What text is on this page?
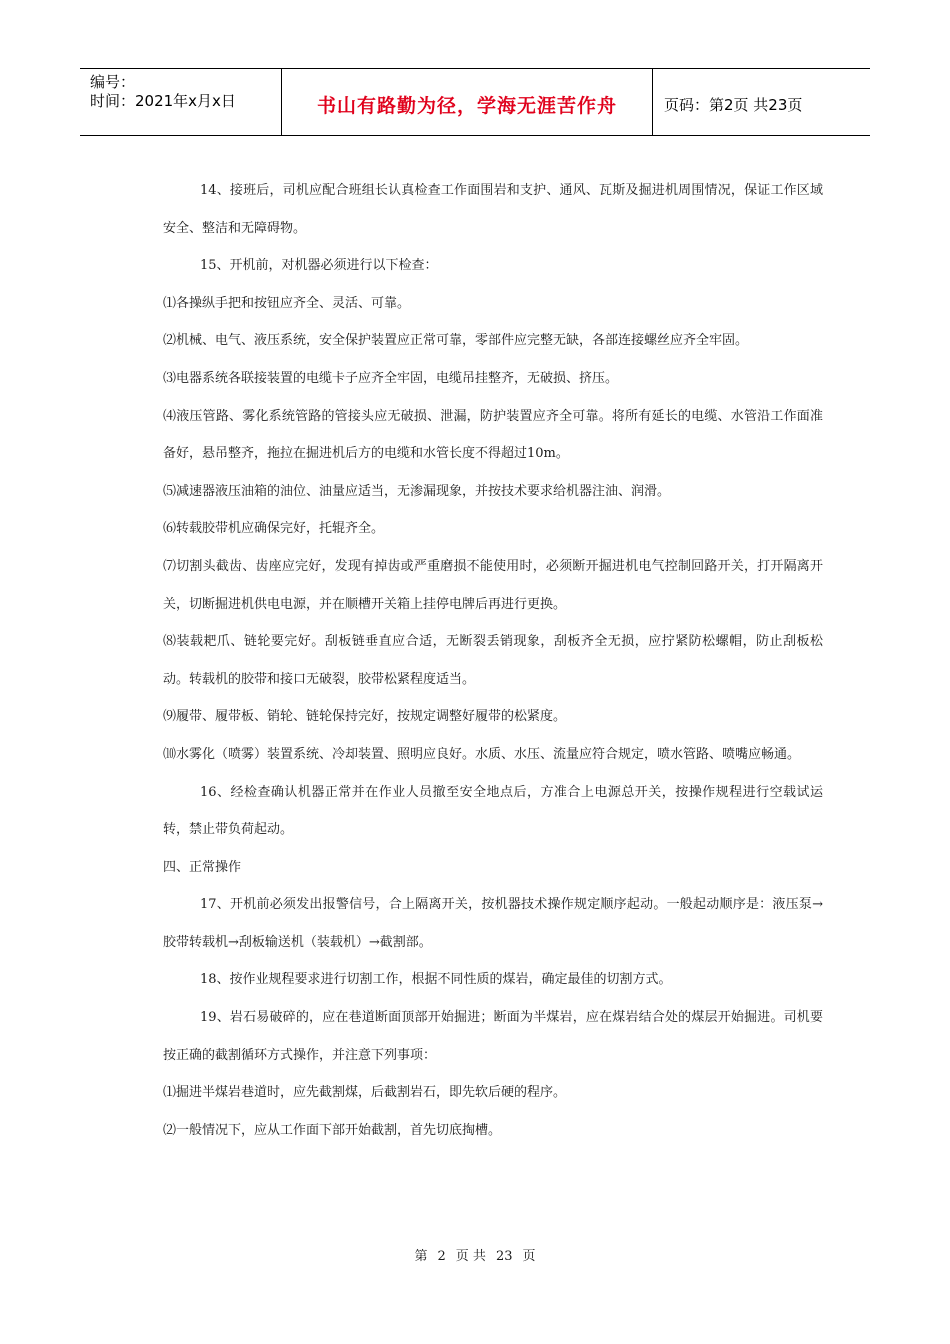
编号：
时间：2021年x月x日	书山有路勤为径，学海无涯苦作舟	页码：第2页 共23页

14、接班后，司机应配合班组长认真检查工作面围岩和支护、通风、瓦斯及掘进机周围情况，保证工作区域安全、整洁和无障碍物。

15、开机前，对机器必须进行以下检查：

⑴各操纵手把和按钮应齐全、灵活、可靠。

⑵机械、电气、液压系统，安全保护装置应正常可靠，零部件应完整无缺，各部连接螺丝应齐全牢固。

⑶电器系统各联接装置的电缆卡子应齐全牢固，电缆吊挂整齐，无破损、挤压。

⑷液压管路、雾化系统管路的管接头应无破损、泄漏，防护装置应齐全可靠。将所有延长的电缆、水管沿工作面准备好，悬吊整齐，拖拉在掘进机后方的电缆和水管长度不得超过10m。

⑸减速器液压油箱的油位、油量应适当，无渗漏现象，并按技术要求给机器注油、润滑。

⑹转载胶带机应确保完好，托辊齐全。

⑺切割头截齿、齿座应完好，发现有掉齿或严重磨损不能使用时，必须断开掘进机电气控制回路开关，打开隔离开关，切断掘进机供电电源，并在顺槽开关箱上挂停电牌后再进行更换。

⑻装载耙爪、链轮要完好。刮板链垂直应合适，无断裂丢销现象，刮板齐全无损，应拧紧防松螺帽，防止刮板松动。转载机的胶带和接口无破裂，胶带松紧程度适当。

⑼履带、履带板、销轮、链轮保持完好，按规定调整好履带的松紧度。

⑽水雾化（喷雾）装置系统、冷却装置、照明应良好。水质、水压、流量应符合规定，喷水管路、喷嘴应畅通。

16、经检查确认机器正常并在作业人员撤至安全地点后，方准合上电源总开关，按操作规程进行空载试运转，禁止带负荷起动。

四、正常操作

17、开机前必须发出报警信号，合上隔离开关，按机器技术操作规定顺序起动。一般起动顺序是：液压泵→胶带转载机→刮板输送机（装载机）→截割部。

18、按作业规程要求进行切割工作，根据不同性质的煤岩，确定最佳的切割方式。

19、岩石易破碎的，应在巷道断面顶部开始掘进；断面为半煤岩，应在煤岩结合处的煤层开始掘进。司机要按正确的截割循环方式操作，并注意下列事项：

⑴掘进半煤岩巷道时，应先截割煤，后截割岩石，即先软后硬的程序。

⑵一般情况下，应从工作面下部开始截割，首先切底掏槽。

第 2 页 共 23 页
